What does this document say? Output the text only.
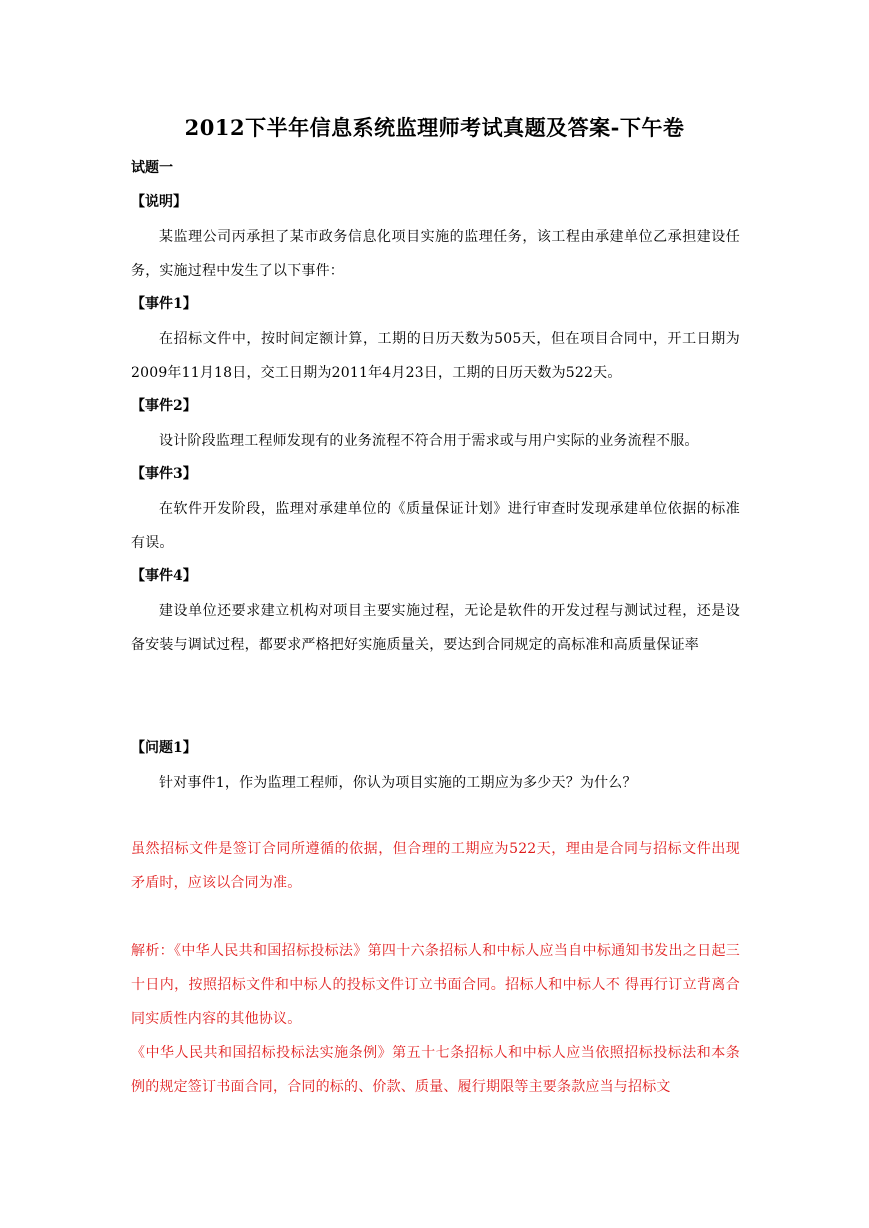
2012下半年信息系统监理师考试真题及答案-下午卷
试题一
【说明】
某监理公司丙承担了某市政务信息化项目实施的监理任务，该工程由承建单位乙承担建设任务，实施过程中发生了以下事件：
【事件1】
在招标文件中，按时间定额计算，工期的日历天数为505天，但在项目合同中，开工日期为2009年11月18日，交工日期为2011年4月23日，工期的日历天数为522天。
【事件2】
设计阶段监理工程师发现有的业务流程不符合用于需求或与用户实际的业务流程不服。
【事件3】
在软件开发阶段，监理对承建单位的《质量保证计划》进行审查时发现承建单位依据的标准有误。
【事件4】
建设单位还要求建立机构对项目主要实施过程，无论是软件的开发过程与测试过程，还是设备安装与调试过程，都要求严格把好实施质量关，要达到合同规定的高标准和高质量保证率
【问题1】
针对事件1，作为监理工程师，你认为项目实施的工期应为多少天？为什么？
虽然招标文件是签订合同所遵循的依据，但合理的工期应为522天，理由是合同与招标文件出现矛盾时，应该以合同为准。
解析：《中华人民共和国招标投标法》第四十六条招标人和中标人应当自中标通知书发出之日起三十日内，按照招标文件和中标人的投标文件订立书面合同。招标人和中标人不 得再行订立背离合同实质性内容的其他协议。
《中华人民共和国招标投标法实施条例》第五十七条招标人和中标人应当依照招标投标法和本条例的规定签订书面合同，合同的标的、价款、质量、履行期限等主要条款应当与招标文
